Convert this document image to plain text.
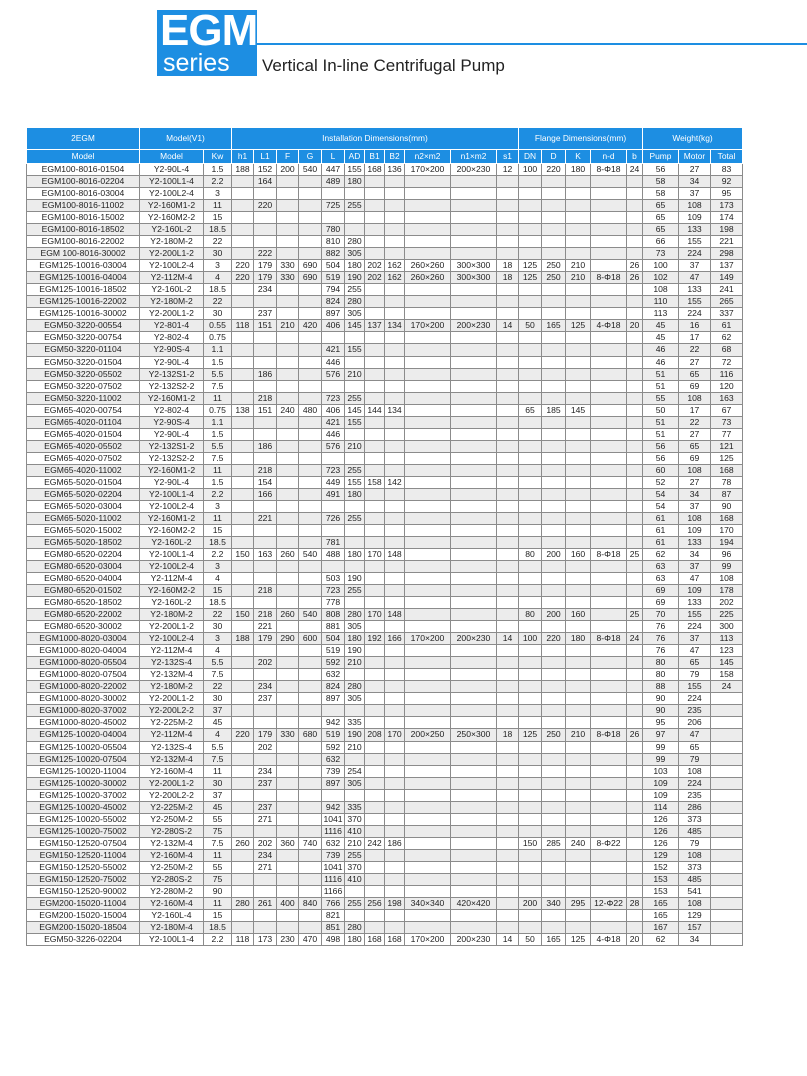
EGM
series Vertical In-line Centrifugal Pump
2EGM	Model(V1)		Installation Dimensions(mm)											Flange Dimensions(mm)					Weight(kg)		
Model	Model	Kw	h1	L1	F	G	L	AD	B1	B2	n2×m2	n1×m2	s1	DN	D	K	n-d	b	Pump	Motor	Total
EGM100-8016-01504	Y2-90L-4	1.5	188	152	200	540	447	155	168	136	170×200	200×230	12	100	220	180	8-Φ18	24	56	27	83
EGM100-8016-02204	Y2-100L1-4	2.2		164			489	180											58	34	92
EGM100-8016-03004	Y2-100L2-4	3																	58	37	95
EGM100-8016-11002	Y2-160M1-2	11		220			725	255											65	108	173
EGM100-8016-15002	Y2-160M2-2	15																	65	109	174
EGM100-8016-18502	Y2-160L-2	18.5					780												65	133	198
EGM100-8016-22002	Y2-180M-2	22					810	280											66	155	221
EGM 100-8016-30002	Y2-200L1-2	30		222			882	305											73	224	298
EGM125-10016-03004	Y2-100L2-4	3	220	179	330	690	504	180	202	162	260×260	300×300	18	125	250	210		26	100	37	137
EGM125-10016-04004	Y2-112M-4	4	220	179	330	690	519	190	202	162	260×260	300×300	18	125	250	210	8-Φ18	26	102	47	149
EGM125-10016-18502	Y2-160L-2	18.5		234			794	255											108	133	241
EGM125-10016-22002	Y2-180M-2	22					824	280											110	155	265
EGM125-10016-30002	Y2-200L1-2	30		237			897	305											113	224	337
EGM50-3220-00554	Y2-801-4	0.55	118	151	210	420	406	145	137	134	170×200	200×230	14	50	165	125	4-Φ18	20	45	16	61
EGM50-3220-00754	Y2-802-4	0.75																	45	17	62
EGM50-3220-01104	Y2-90S-4	1.1					421	155											46	22	68
EGM50-3220-01504	Y2-90L-4	1.5					446												46	27	72
EGM50-3220-05502	Y2-132S1-2	5.5		186			576	210											51	65	116
EGM50-3220-07502	Y2-132S2-2	7.5																	51	69	120
EGM50-3220-11002	Y2-160M1-2	11		218			723	255											55	108	163
EGM65-4020-00754	Y2-802-4	0.75	138	151	240	480	406	145	144	134				65	185	145			50	17	67
EGM65-4020-01104	Y2-90S-4	1.1					421	155											51	22	73
EGM65-4020-01504	Y2-90L-4	1.5					446												51	27	77
EGM65-4020-05502	Y2-132S1-2	5.5		186			576	210											56	65	121
EGM65-4020-07502	Y2-132S2-2	7.5																	56	69	125
EGM65-4020-11002	Y2-160M1-2	11		218			723	255											60	108	168
EGM65-5020-01504	Y2-90L-4	1.5		154			449	155	158	142									52	27	78
EGM65-5020-02204	Y2-100L1-4	2.2		166			491	180											54	34	87
EGM65-5020-03004	Y2-100L2-4	3																	54	37	90
EGM65-5020-11002	Y2-160M1-2	11		221			726	255											61	108	168
EGM65-5020-15002	Y2-160M2-2	15																	61	109	170
EGM65-5020-18502	Y2-160L-2	18.5					781												61	133	194
EGM80-6520-02204	Y2-100L1-4	2.2	150	163	260	540	488	180	170	148				80	200	160	8-Φ18	25	62	34	96
EGM80-6520-03004	Y2-100L2-4	3																	63	37	99
EGM80-6520-04004	Y2-112M-4	4					503	190											63	47	108
EGM80-6520-01502	Y2-160M2-2	15		218			723	255											69	109	178
EGM80-6520-18502	Y2-160L-2	18.5					778												69	133	202
EGM80-6520-22002	Y2-180M-2	22	150	218	260	540	808	280	170	148				80	200	160		25	70	155	225
EGM80-6520-30002	Y2-200L1-2	30		221			881	305											76	224	300
EGM1000-8020-03004	Y2-100L2-4	3	188	179	290	600	504	180	192	166	170×200	200×230	14	100	220	180	8-Φ18	24	76	37	113
EGM1000-8020-04004	Y2-112M-4	4					519	190											76	47	123
EGM1000-8020-05504	Y2-132S-4	5.5		202			592	210											80	65	145
EGM1000-8020-07504	Y2-132M-4	7.5					632												80	79	158
EGM1000-8020-22002	Y2-180M-2	22		234			824	280											88	155	24
EGM1000-8020-30002	Y2-200L1-2	30		237			897	305											90	224	
EGM1000-8020-37002	Y2-200L2-2	37																	90	235	
EGM1000-8020-45002	Y2-225M-2	45					942	335											95	206	
EGM125-10020-04004	Y2-112M-4	4	220	179	330	680	519	190	208	170	200×250	250×300	18	125	250	210	8-Φ18	26	97	47	
EGM125-10020-05504	Y2-132S-4	5.5		202			592	210											99	65	
EGM125-10020-07504	Y2-132M-4	7.5					632												99	79	
EGM125-10020-11004	Y2-160M-4	11		234			739	254											103	108	
EGM125-10020-30002	Y2-200L1-2	30		237			897	305											109	224	
EGM125-10020-37002	Y2-200L2-2	37																	109	235	
EGM125-10020-45002	Y2-225M-2	45		237			942	335											114	286	
EGM125-10020-55002	Y2-250M-2	55		271			1041	370											126	373	
EGM125-10020-75002	Y2-280S-2	75					1116	410											126	485	
EGM150-12520-07504	Y2-132M-4	7.5	260	202	360	740	632	210	242	186				150	285	240	8-Φ22		126	79	
EGM150-12520-11004	Y2-160M-4	11		234			739	255											129	108	
EGM150-12520-55002	Y2-250M-2	55		271			1041	370											152	373	
EGM150-12520-75002	Y2-280S-2	75					1116	410											153	485	
EGM150-12520-90002	Y2-280M-2	90					1166												153	541	
EGM200-15020-11004	Y2-160M-4	11	280	261	400	840	766	255	256	198	340×340	420×420		200	340	295	12-Φ22	28	165	108	
EGM200-15020-15004	Y2-160L-4	15					821												165	129	
EGM200-15020-18504	Y2-180M-4	18.5					851	280											167	157	
EGM50-3226-02204	Y2-100L1-4	2.2	118	173	230	470	498	180	168	168	170×200	200×230	14	50	165	125	4-Φ18	20	62	34	
